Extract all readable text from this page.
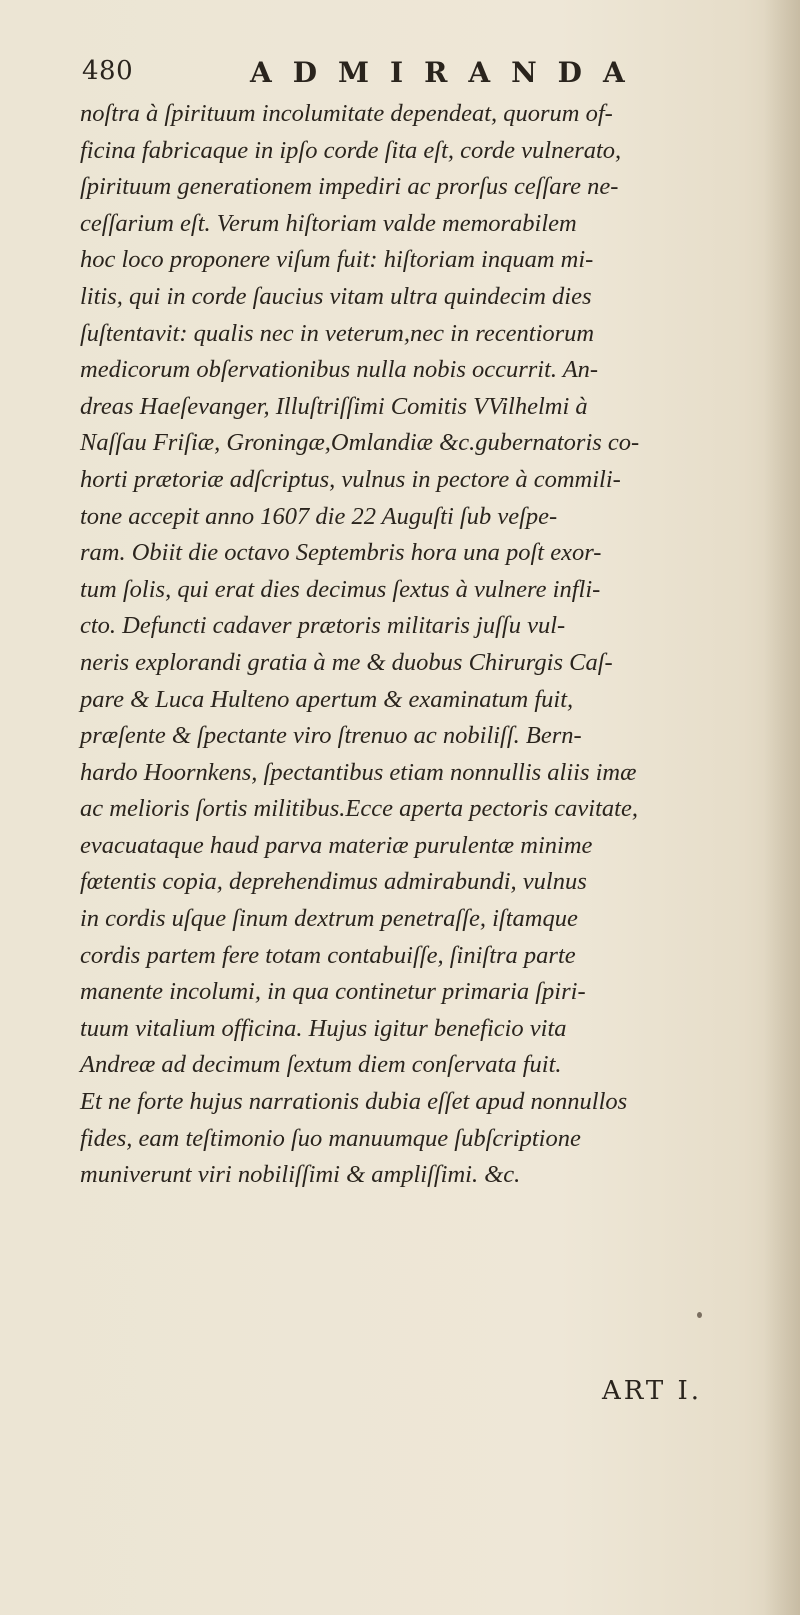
480	ADMIRANDA
noſtra à ſpirituum incolumitate dependeat, quorum of-
ficina fabricaque in ipſo corde ſita eſt, corde vulnerato,
ſpirituum generationem impediri ac prorſus ceſſare ne-
ceſſarium eſt. Verum hiſtoriam valde memorabilem
hoc loco proponere viſum fuit: hiſtoriam inquam mi-
litis, qui in corde ſaucius vitam ultra quindecim dies
ſuſtentavit: qualis nec in veterum,nec in recentiorum
medicorum obſervationibus nulla nobis occurrit. An-
dreas Haeſevanger, Illuſtriſſimi Comitis VVilhelmi à
Naſſau Friſiæ, Groningæ,Omlandiæ &c.gubernatoris co-
horti prætoriæ adſcriptus, vulnus in pectore à commili-
tone accepit anno 1607 die 22 Auguſti ſub veſpe-
ram. Obiit die octavo Septembris hora una poſt exor-
tum ſolis, qui erat dies decimus ſextus à vulnere infli-
cto. Defuncti cadaver prætoris militaris juſſu vul-
neris explorandi gratia à me & duobus Chirurgis Caſ-
pare & Luca Hulteno apertum & examinatum fuit,
præſente & ſpectante viro ſtrenuo ac nobiliſſ. Bern-
hardo Hoornkens, ſpectantibus etiam nonnullis aliis imæ
ac melioris ſortis militibus.Ecce aperta pectoris cavitate,
evacuataque haud parva materiæ purulentæ minime
fœtentis copia, deprehendimus admirabundi, vulnus
in cordis uſque ſinum dextrum penetraſſe, iſtamque
cordis partem fere totam contabuiſſe, ſiniſtra parte
manente incolumi, in qua continetur primaria ſpiri-
tuum vitalium officina. Hujus igitur beneficio vita
Andreæ ad decimum ſextum diem conſervata fuit.
Et ne forte hujus narrationis dubia eſſet apud nonnullos
fides, eam teſtimonio ſuo manuumque ſubſcriptione
muniverunt viri nobiliſſimi & ampliſſimi. &c.
ART I.
